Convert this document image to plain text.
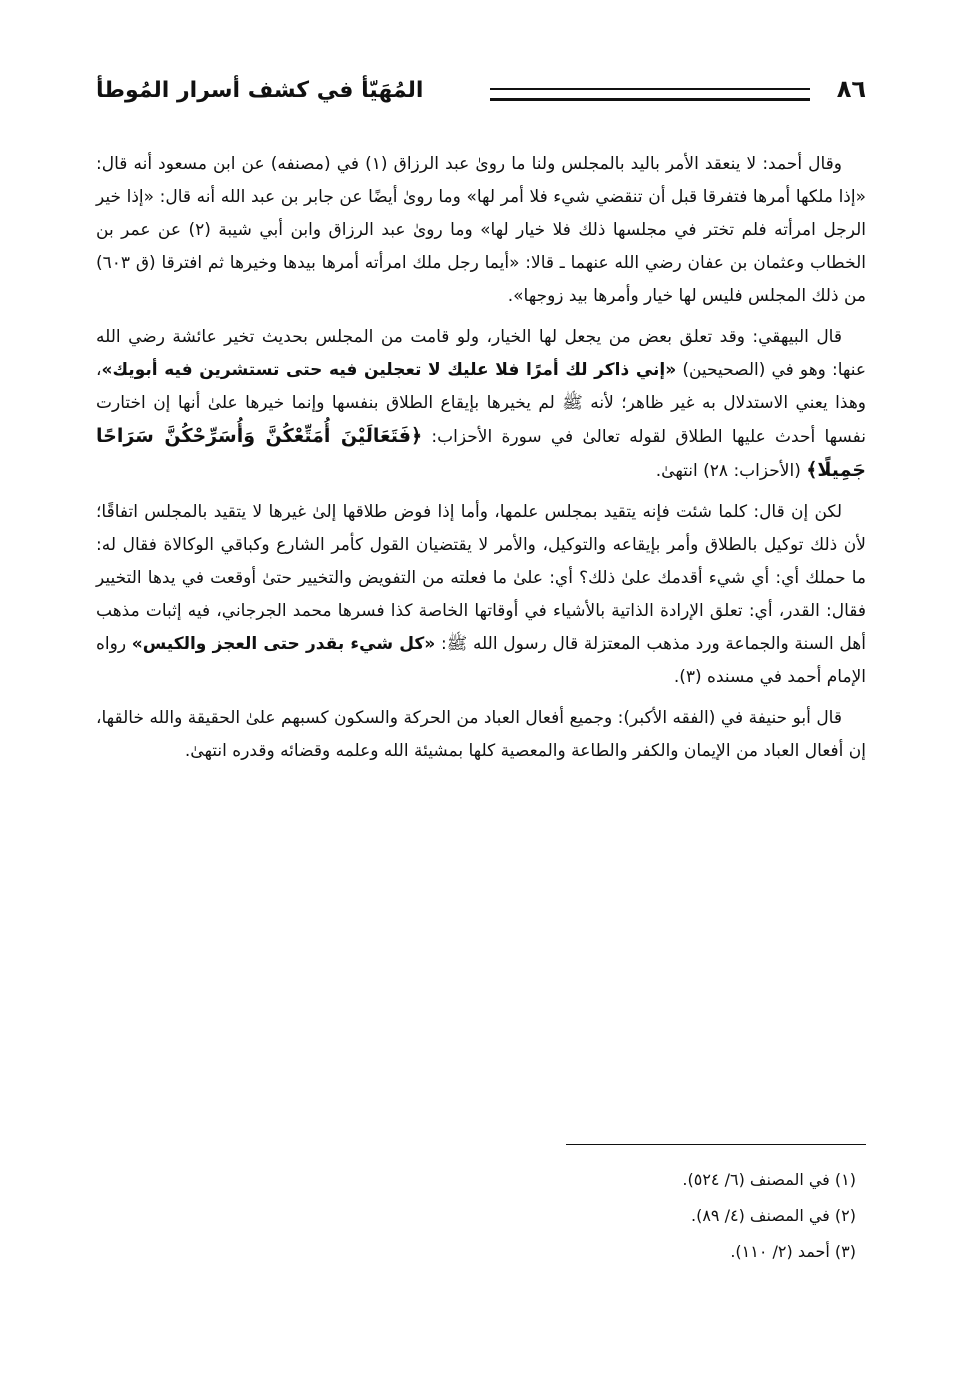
٨٦
المُهَيّأ في كشف أسرار المُوطأ

وقال أحمد: لا ينعقد الأمر باليد بالمجلس ولنا ما روىٰ عبد الرزاق (١) في (مصنفه) عن ابن مسعود أنه قال: «إذا ملكها أمرها فتفرقا قبل أن تنقضي شيء فلا أمر لها» وما روىٰ أيضًا عن جابر بن عبد الله أنه قال: «إذا خير الرجل امرأته فلم تختر في مجلسها ذلك فلا خيار لها» وما روىٰ عبد الرزاق وابن أبي شيبة (٢) عن عمر بن الخطاب وعثمان بن عفان رضي الله عنهما ـ قالا: «أيما رجل ملك امرأته أمرها بيدها وخيرها ثم افترقا (ق ٦٠٣) من ذلك المجلس فليس لها خيار وأمرها بيد زوجها».

قال البيهقي: وقد تعلق بعض من يجعل لها الخيار، ولو قامت من المجلس بحديث تخير عائشة رضي الله عنها: وهو في (الصحيحين) «إني ذاكر لك أمرًا فلا عليك لا تعجلين فيه حتى تستشرين فيه أبويك»، وهذا يعني الاستدلال به غير ظاهر؛ لأنه ﷺ لم يخيرها بإيقاع الطلاق بنفسها وإنما خيرها علىٰ أنها إن اختارت نفسها أحدث عليها الطلاق لقوله تعالىٰ في سورة الأحزاب: ﴿فَتَعَالَيْنَ أُمَتِّعْكُنَّ وَأُسَرِّحْكُنَّ سَرَاحًا جَمِيلًا﴾ (الأحزاب: ٢٨) انتهىٰ.

لكن إن قال: كلما شئت فإنه يتقيد بمجلس علمها، وأما إذا فوض طلاقها إلىٰ غيرها لا يتقيد بالمجلس اتفاقًا؛ لأن ذلك توكيل بالطلاق وأمر بإيقاعه والتوكيل، والأمر لا يقتضيان القول كأمر الشارع وكباقي الوكالاة فقال له: ما حملك أي: أي شيء أقدمك علىٰ ذلك؟ أي: علىٰ ما فعلته من التفويض والتخيير حتىٰ أوقعت في يدها التخيير فقال: القدر، أي: تعلق الإرادة الذاتية بالأشياء في أوقاتها الخاصة كذا فسرها محمد الجرجاني، فيه إثبات مذهب أهل السنة والجماعة ورد مذهب المعتزلة قال رسول الله ﷺ: «كل شيء بقدر حتى العجز والكيس» رواه الإمام أحمد في مسنده (٣).

قال أبو حنيفة في (الفقه الأكبر): وجميع أفعال العباد من الحركة والسكون كسبهم علىٰ الحقيقة والله خالقها، إن أفعال العباد من الإيمان والكفر والطاعة والمعصية كلها بمشيئة الله وعلمه وقضائه وقدره انتهىٰ.

(١) في المصنف (٦/ ٥٢٤).
(٢) في المصنف (٤/ ٨٩).
(٣) أحمد (٢/ ١١٠).
